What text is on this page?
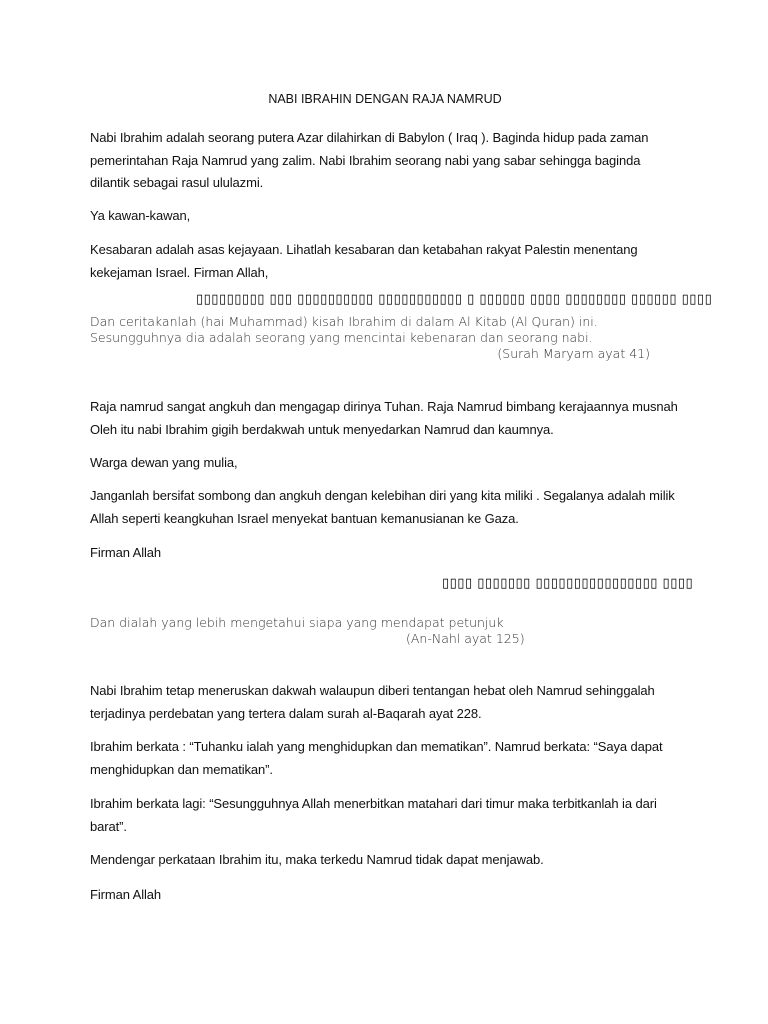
NABI IBRAHIN DENGAN RAJA NAMRUD

Nabi Ibrahim adalah seorang putera Azar dilahirkan di Babylon ( Iraq ). Baginda hidup pada zaman pemerintahan Raja Namrud yang zalim. Nabi Ibrahim seorang nabi yang sabar sehingga baginda dilantik sebagai rasul ululazmi.

Ya kawan-kawan,

Kesabaran adalah asas kejayaan. Lihatlah kesabaran dan ketabahan rakyat Palestin menentang kekejaman Israel. Firman Allah,

▯▯▯▯▯▯▯▯▯ ▯▯▯ ▯▯▯▯▯▯▯▯▯▯ ▯▯▯▯▯▯▯▯▯▯▯ ▯ ▯▯▯▯▯▯ ▯▯▯▯ ▯▯▯▯▯▯▯▯ ▯▯▯▯▯▯ ▯▯▯▯
Dan ceritakanlah (hai Muhammad) kisah Ibrahim di dalam Al Kitab (Al Quran) ini.
Sesungguhnya dia adalah seorang yang mencintai kebenaran dan seorang nabi.
(Surah Maryam ayat 41)

Raja namrud sangat angkuh dan mengagap dirinya Tuhan. Raja Namrud bimbang kerajaannya musnah Oleh itu nabi Ibrahim gigih berdakwah untuk menyedarkan Namrud dan kaumnya.

Warga dewan yang mulia,

Janganlah bersifat sombong dan angkuh dengan kelebihan diri yang kita miliki . Segalanya adalah milik Allah seperti keangkuhan Israel menyekat bantuan kemanusianan ke Gaza.

Firman Allah

▯▯▯▯ ▯▯▯▯▯▯▯ ▯▯▯▯▯▯▯▯▯▯▯▯▯▯▯▯ ▯▯▯▯
Dan dialah yang lebih mengetahui siapa yang mendapat petunjuk
(An-Nahl ayat 125)

Nabi Ibrahim tetap meneruskan dakwah walaupun diberi tentangan hebat oleh Namrud sehinggalah terjadinya perdebatan yang tertera dalam surah al-Baqarah ayat 228.

Ibrahim berkata : “Tuhanku ialah yang menghidupkan dan mematikan”. Namrud berkata: “Saya dapat menghidupkan dan mematikan”.

Ibrahim berkata lagi: “Sesungguhnya Allah menerbitkan matahari dari timur maka terbitkanlah ia dari barat”.

Mendengar perkataan Ibrahim itu, maka terkedu Namrud tidak dapat menjawab.

Firman Allah
